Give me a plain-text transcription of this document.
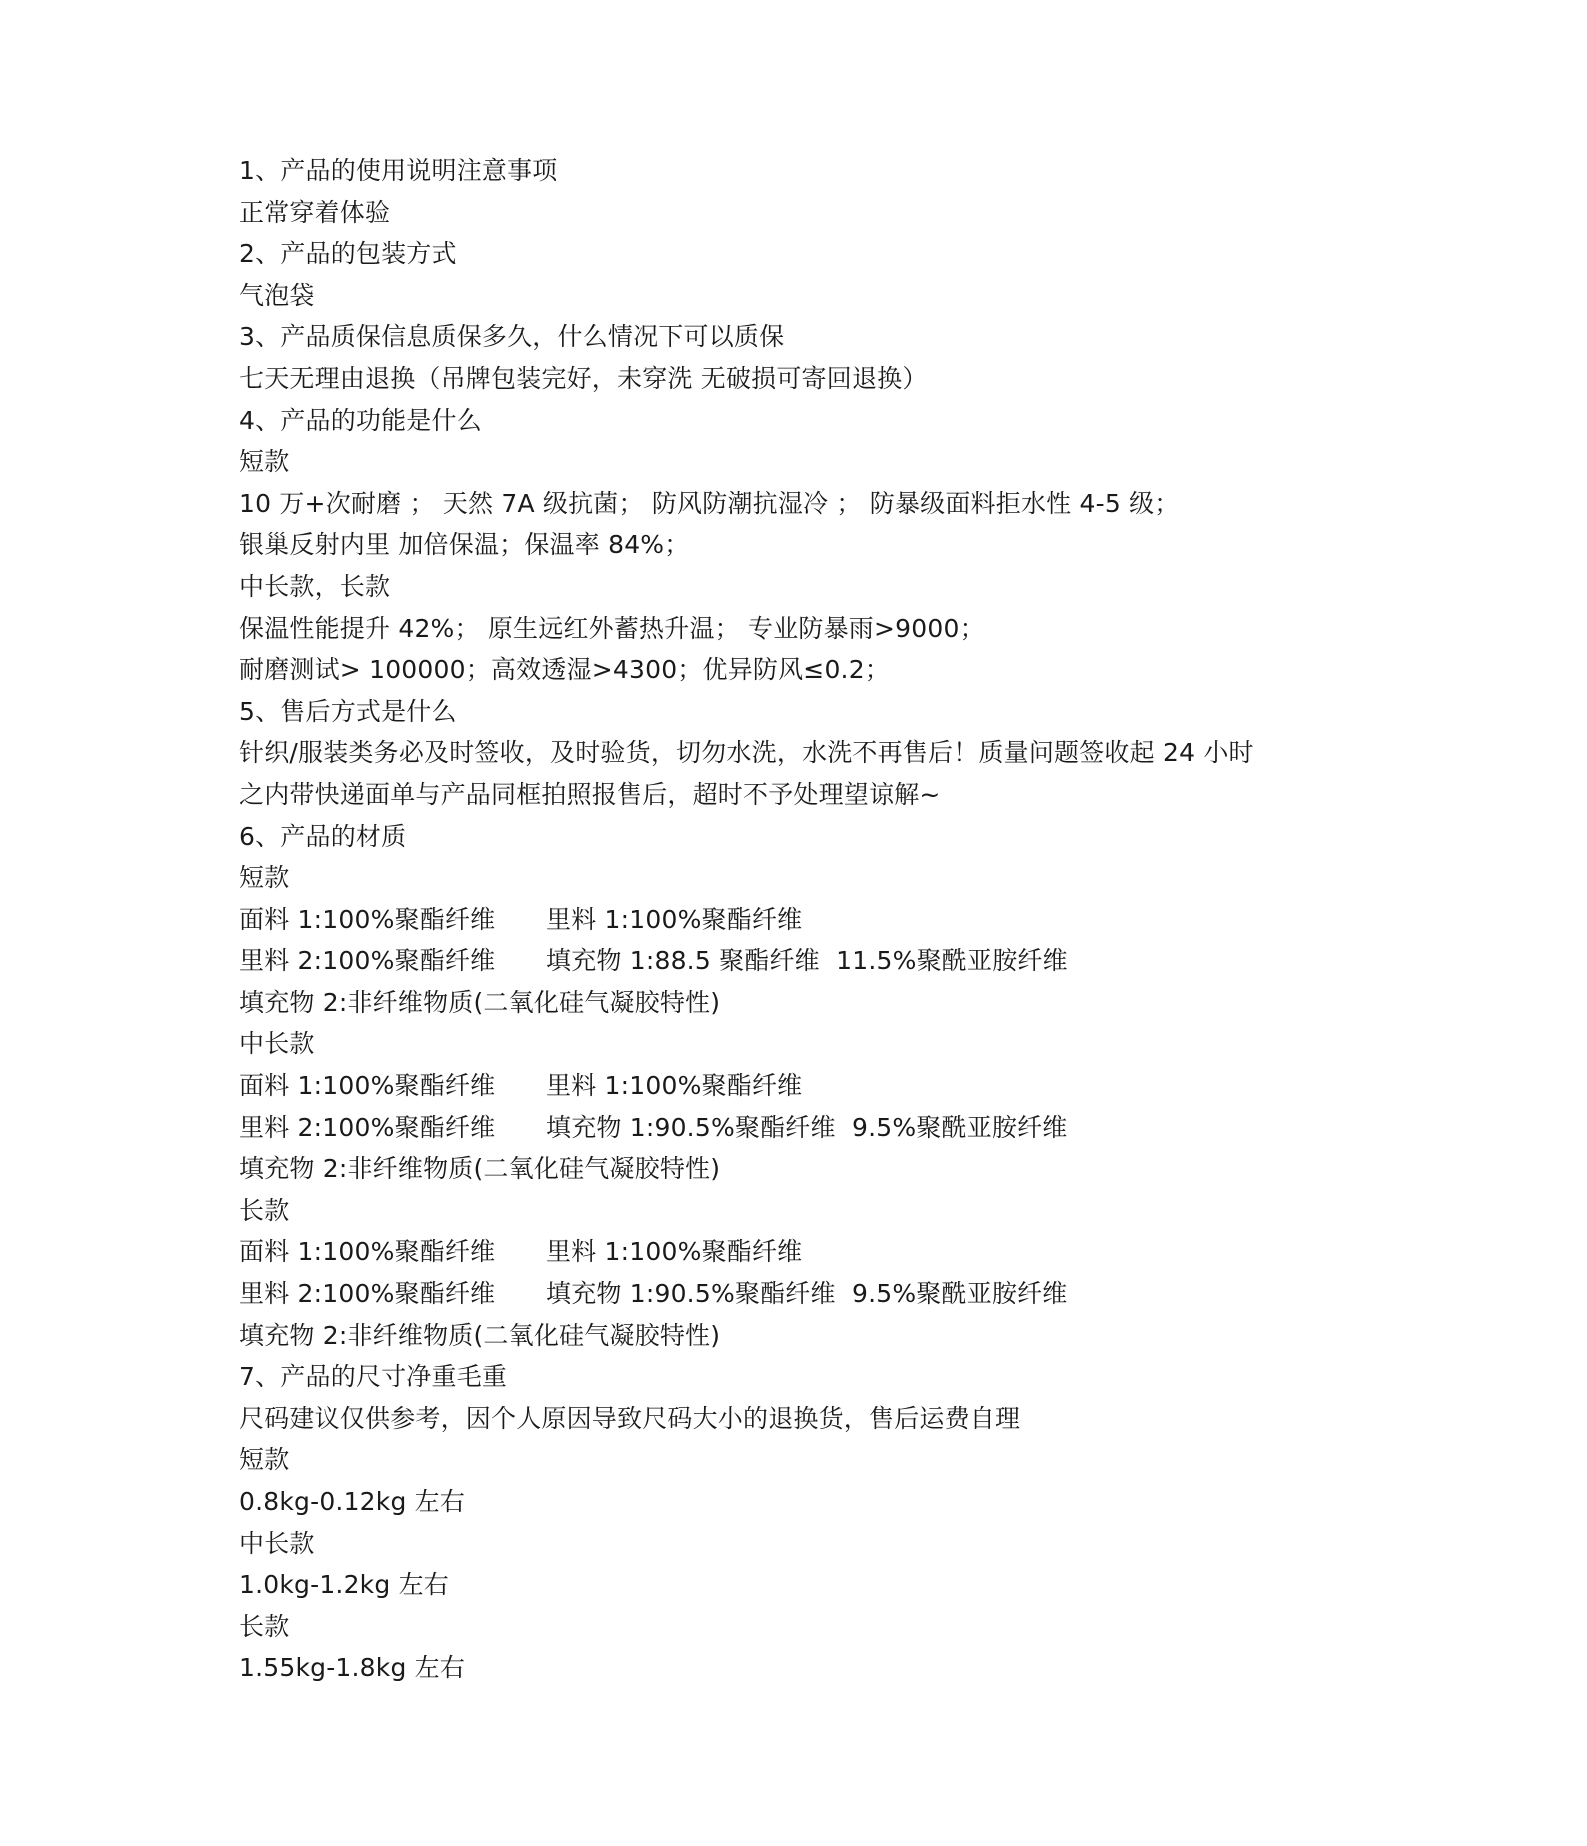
1、产品的使用说明注意事项
正常穿着体验
2、产品的包装方式
气泡袋
3、产品质保信息质保多久，什么情况下可以质保
七天无理由退换（吊牌包装完好，未穿洗 无破损可寄回退换）
4、产品的功能是什么
短款
10 万+次耐磨 ； 天然 7A 级抗菌； 防风防潮抗湿冷 ； 防暴级面料拒水性 4-5 级；
银巢反射内里 加倍保温；保温率 84%；
中长款，长款
保温性能提升 42%； 原生远红外蓄热升温； 专业防暴雨>9000；
耐磨测试> 100000；高效透湿>4300；优异防风≤0.2；
5、售后方式是什么
针织/服装类务必及时签收，及时验货，切勿水洗，水洗不再售后！质量问题签收起 24 小时
之内带快递面单与产品同框拍照报售后，超时不予处理望谅解~
6、产品的材质
短款
面料 1:100%聚酯纤维	里料 1:100%聚酯纤维
里料 2:100%聚酯纤维	填充物 1:88.5 聚酯纤维  11.5%聚酰亚胺纤维
填充物 2:非纤维物质(二氧化硅气凝胶特性)
中长款
面料 1:100%聚酯纤维	里料 1:100%聚酯纤维
里料 2:100%聚酯纤维	填充物 1:90.5%聚酯纤维  9.5%聚酰亚胺纤维
填充物 2:非纤维物质(二氧化硅气凝胶特性)
长款
面料 1:100%聚酯纤维	里料 1:100%聚酯纤维
里料 2:100%聚酯纤维	填充物 1:90.5%聚酯纤维  9.5%聚酰亚胺纤维
填充物 2:非纤维物质(二氧化硅气凝胶特性)
7、产品的尺寸净重毛重
尺码建议仅供参考，因个人原因导致尺码大小的退换货，售后运费自理
短款
0.8kg-0.12kg 左右
中长款
1.0kg-1.2kg 左右
长款
1.55kg-1.8kg 左右
